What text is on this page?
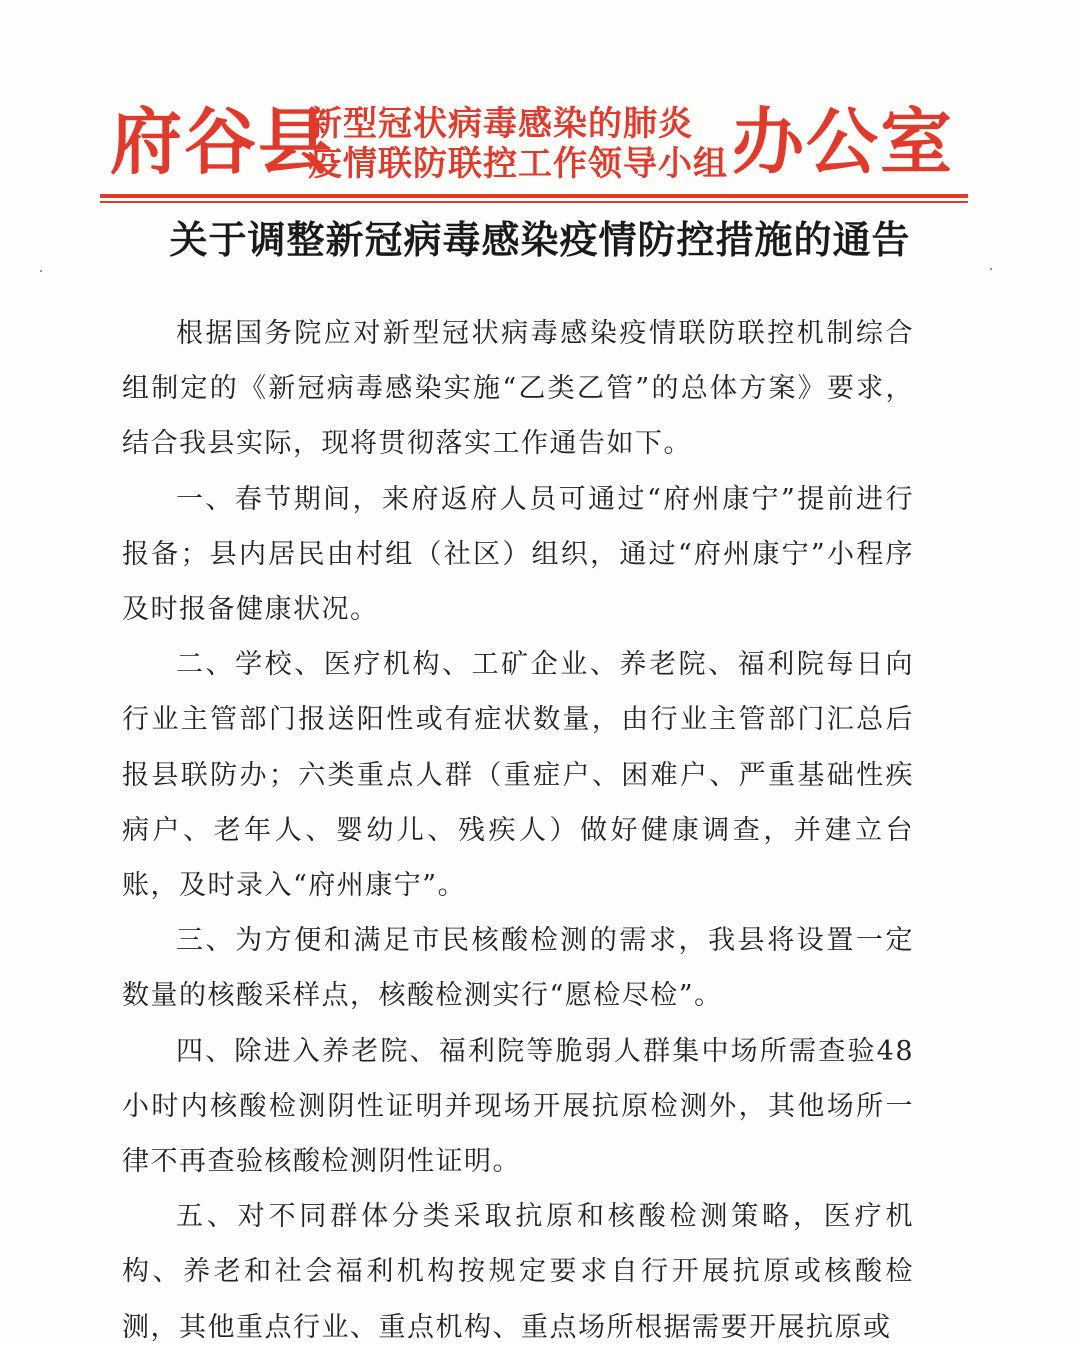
府谷县
新型冠状病毒感染的肺炎
疫情联防联控工作领导小组 办公室
关于调整新冠病毒感染疫情防控措施的通告

根据国务院应对新型冠状病毒感染疫情联防联控机制综合组制定的《新冠病毒感染实施“乙类乙管”的总体方案》要求，结合我县实际，现将贯彻落实工作通告如下。

一、春节期间，来府返府人员可通过“府州康宁”提前进行报备；县内居民由村组（社区）组织，通过“府州康宁”小程序及时报备健康状况。

二、学校、医疗机构、工矿企业、养老院、福利院每日向行业主管部门报送阳性或有症状数量，由行业主管部门汇总后报县联防办；六类重点人群（重症户、困难户、严重基础性疾病户、老年人、婴幼儿、残疾人）做好健康调查，并建立台账，及时录入“府州康宁”。

三、为方便和满足市民核酸检测的需求，我县将设置一定数量的核酸采样点，核酸检测实行“愿检尽检”。

四、除进入养老院、福利院等脆弱人群集中场所需查验48小时内核酸检测阴性证明并现场开展抗原检测外，其他场所一律不再查验核酸检测阴性证明。

五、对不同群体分类采取抗原和核酸检测策略，医疗机构、养老和社会福利机构按规定要求自行开展抗原或核酸检测，其他重点行业、重点机构、重点场所根据需要开展抗原或
